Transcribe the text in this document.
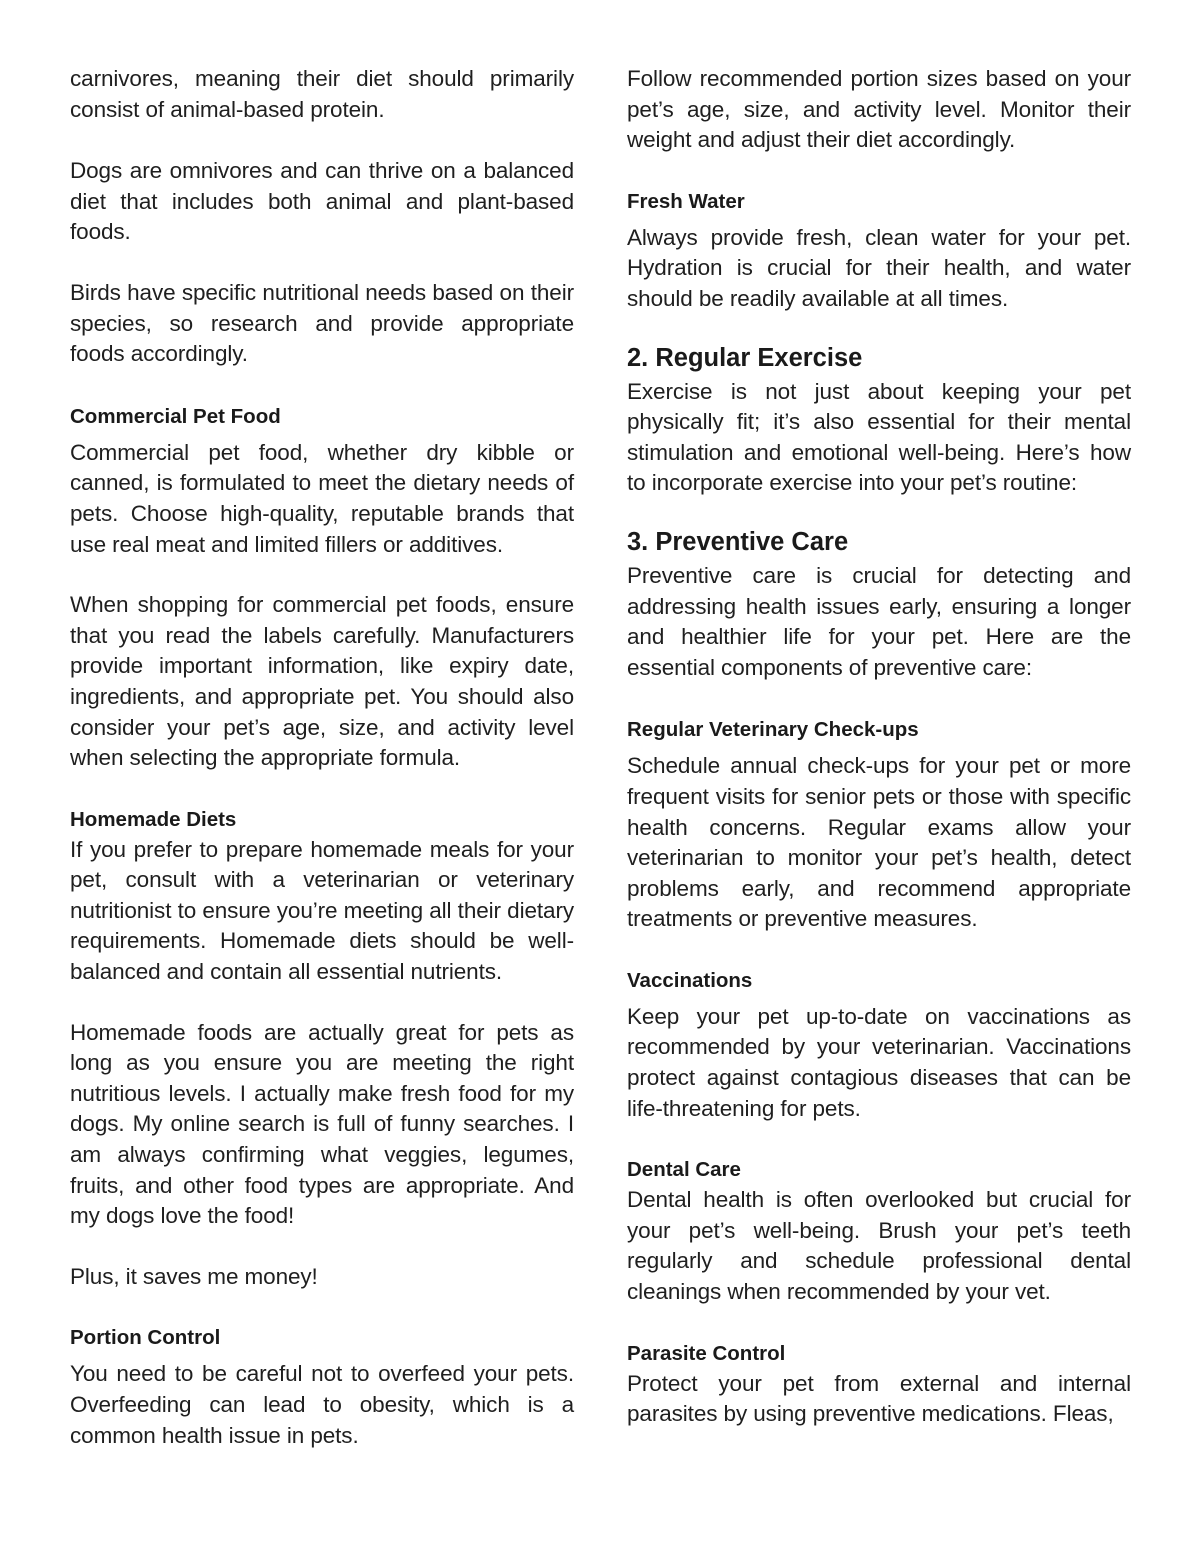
carnivores, meaning their diet should primarily consist of animal-based protein.

Dogs are omnivores and can thrive on a balanced diet that includes both animal and plant-based foods.

Birds have specific nutritional needs based on their species, so research and provide appropriate foods accordingly.

Commercial Pet Food

Commercial pet food, whether dry kibble or canned, is formulated to meet the dietary needs of pets. Choose high-quality, reputable brands that use real meat and limited fillers or additives.

When shopping for commercial pet foods, ensure that you read the labels carefully. Manufacturers provide important information, like expiry date, ingredients, and appropriate pet. You should also consider your pet’s age, size, and activity level when selecting the appropriate formula.

Homemade Diets

If you prefer to prepare homemade meals for your pet, consult with a veterinarian or veterinary nutritionist to ensure you’re meeting all their dietary requirements. Homemade diets should be well-balanced and contain all essential nutrients.

Homemade foods are actually great for pets as long as you ensure you are meeting the right nutritious levels. I actually make fresh food for my dogs. My online search is full of funny searches. I am always confirming what veggies, legumes, fruits, and other food types are appropriate. And my dogs love the food!

Plus, it saves me money!

Portion Control

You need to be careful not to overfeed your pets. Overfeeding can lead to obesity, which is a common health issue in pets.

Follow recommended portion sizes based on your pet’s age, size, and activity level. Monitor their weight and adjust their diet accordingly.

Fresh Water

Always provide fresh, clean water for your pet. Hydration is crucial for their health, and water should be readily available at all times.

2. Regular Exercise

Exercise is not just about keeping your pet physically fit; it’s also essential for their mental stimulation and emotional well-being. Here’s how to incorporate exercise into your pet’s routine:

3. Preventive Care

Preventive care is crucial for detecting and addressing health issues early, ensuring a longer and healthier life for your pet. Here are the essential components of preventive care:

Regular Veterinary Check-ups

Schedule annual check-ups for your pet or more frequent visits for senior pets or those with specific health concerns. Regular exams allow your veterinarian to monitor your pet’s health, detect problems early, and recommend appropriate treatments or preventive measures.

Vaccinations

Keep your pet up-to-date on vaccinations as recommended by your veterinarian. Vaccinations protect against contagious diseases that can be life-threatening for pets.

Dental Care

Dental health is often overlooked but crucial for your pet’s well-being. Brush your pet’s teeth regularly and schedule professional dental cleanings when recommended by your vet.

Parasite Control

Protect your pet from external and internal parasites by using preventive medications. Fleas,
